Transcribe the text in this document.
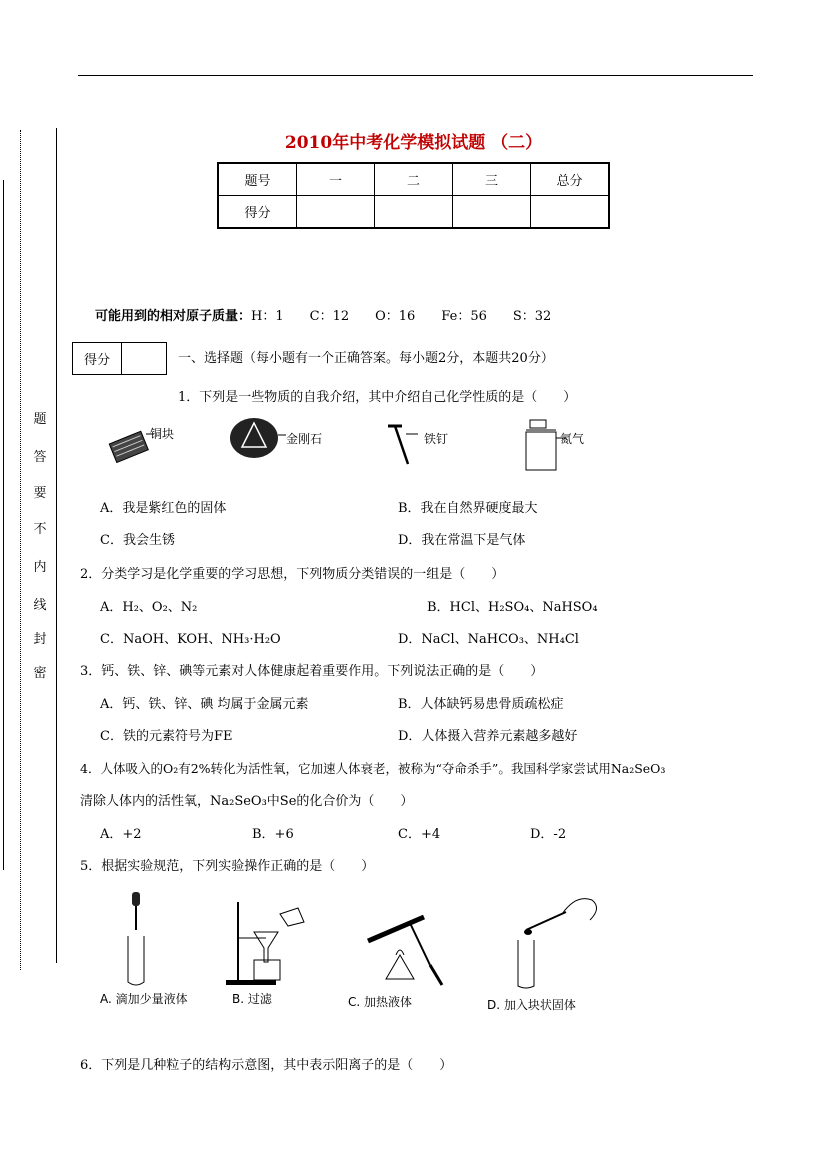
密
封
线
内
不
要
答
题
2010年中考化学模拟试题 （二）
题号	一	二	三	总分
得分				
可能用到的相对原子质量：H：1　　C：12　　O：16　　Fe：56　　S：32
得分	一、选择题（每小题有一个正确答案。每小题2分，本题共20分）
1．下列是一些物质的自我介绍，其中介绍自己化学性质的是（　　）
铜块	金刚石	铁钉	氮气
A．我是紫红色的固体	B．我在自然界硬度最大
C．我会生锈	D．我在常温下是气体
2．分类学习是化学重要的学习思想，下列物质分类错误的一组是（　　）
A．H₂、O₂、N₂	B．HCl、H₂SO₄、NaHSO₄
C．NaOH、KOH、NH₃·H₂O	D．NaCl、NaHCO₃、NH₄Cl
3．钙、铁、锌、碘等元素对人体健康起着重要作用。下列说法正确的是（　　）
A．钙、铁、锌、碘 均属于金属元素	B．人体缺钙易患骨质疏松症
C．铁的元素符号为FE	D．人体摄入营养元素越多越好
4．人体吸入的O₂有2%转化为活性氧，它加速人体衰老，被称为“夺命杀手”。我国科学家尝试用Na₂SeO₃
清除人体内的活性氧，Na₂SeO₃中Se的化合价为（　　）
A．+2	B．+6	C．+4	D．-2
5．根据实验规范，下列实验操作正确的是（　　）
A. 滴加少量液体	B. 过滤	C. 加热液体	D. 加入块状固体
6．下列是几种粒子的结构示意图，其中表示阳离子的是（　　）
